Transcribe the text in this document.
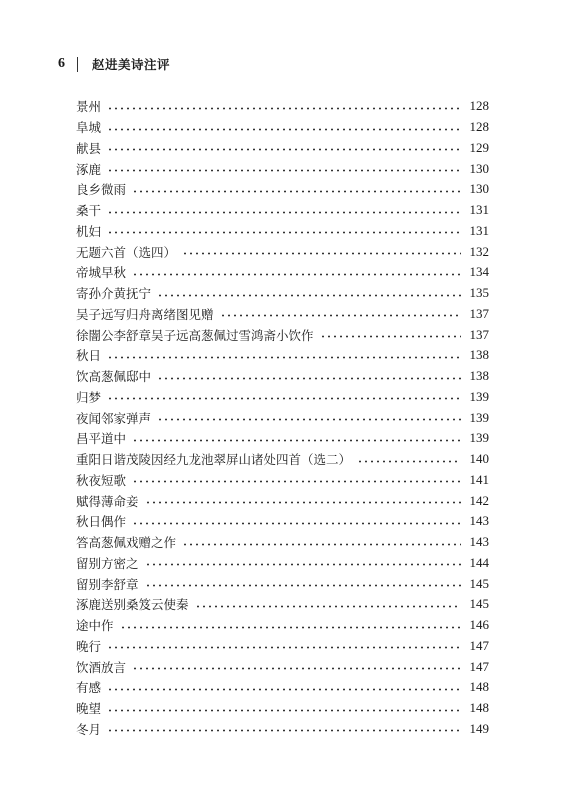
6 赵进美诗注评
景州	128
阜城	128
献县	129
涿鹿	130
良乡微雨	130
桑干	131
机妇	131
无题六首（选四）	132
帝城早秋	134
寄孙介黄抚宁	135
吴子远写归舟离绪图见赠	137
徐闇公李舒章吴子远高葱佩过雪鸿斋小饮作	137
秋日	138
饮高葱佩邸中	138
归梦	139
夜闻邻家弹声	139
昌平道中	139
重阳日谐茂陵因经九龙池翠屏山诸处四首（选二）	140
秋夜短歌	141
赋得薄命妾	142
秋日偶作	143
答高葱佩戏赠之作	143
留别方密之	144
留别李舒章	145
涿鹿送别桑笈云使秦	145
途中作	146
晚行	147
饮酒放言	147
有感	148
晚望	148
冬月	149
